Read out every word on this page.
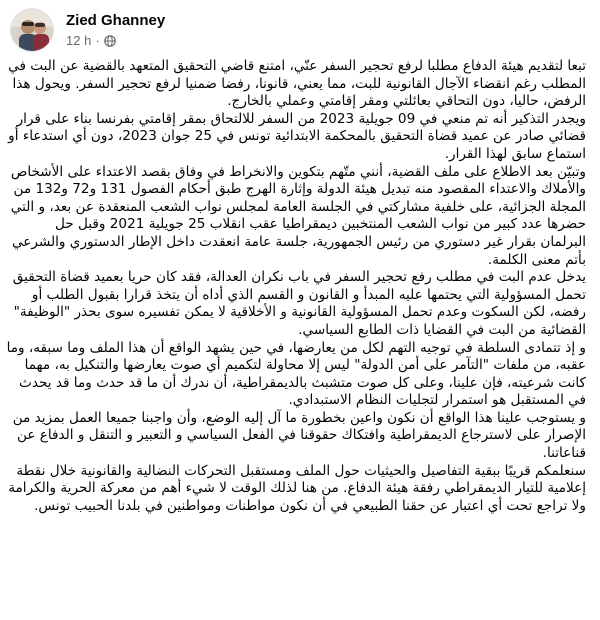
Zied Ghanney
12 h ·

تبعا لتقديم هيئة الدفاع مطلبا لرفع تحجير السفر عنّي، امتنع قاضي التحقيق المتعهد بالقضية عن البت في المطلب رغم انقضاء الآجال القانونية للبت، مما يعني، قانونا، رفضا ضمنيا لرفع تحجير السفر. ويحول هذا الرفض، حاليا، دون التحاقي بعائلتي ومقر إقامتي وعملي بالخارج.

ويجدر التذكير أنه تم منعي في 09 جويلية 2023 من السفر للالتحاق بمقر إقامتي بفرنسا بناء على قرار قضائي صادر عن عميد قضاة التحقيق بالمحكمة الابتدائية تونس في 25 جوان 2023، دون أي استدعاء أو استماع سابق لهذا القرار.

وتبيّن بعد الاطلاع على ملف القضية، أنني متّهم بتكوين والانخراط في وفاق بقصد الاعتداء على الأشخاص والأملاك والاعتداء المقصود منه تبديل هيئة الدولة وإثارة الهرج طبق أحكام الفصول 131 و72 و132 من المجلة الجزائية، على خلفية مشاركتي في الجلسة العامة لمجلس نواب الشعب المنعقدة عن بعد، و التي حضرها عدد كبير من نواب الشعب المنتخبين ديمقراطيا عقب انقلاب 25 جويلية 2021 وقبل حل البرلمان بقرار غير دستوري من رئيس الجمهورية، جلسة عامة انعقدت داخل الإطار الدستوري والشرعي بأتم معنى الكلمة.

يدخل عدم البت في مطلب رفع تحجير السفر في باب نكران العدالة، فقد كان حريا بعميد قضاة التحقيق تحمل المسؤولية التي يحتمها عليه المبدأ و القانون و القسم الذي أداه أن يتخذ قرارا بقبول الطلب أو رفضه، لكن السكوت وعدم تحمل المسؤولية القانونية و الأخلاقية لا يمكن تفسيره سوى بحذر "الوظيفة" القضائية من البت في القضايا ذات الطابع السياسي.

و إذ تتمادى السلطة في توجيه التهم لكل من يعارضها، في حين يشهد الواقع أن هذا الملف وما سبقه، وما عقبه، من ملفات "التآمر على أمن الدولة" ليس إلا محاولة لتكميم أي صوت يعارضها والتنكيل به، مهما كانت شرعيته، فإن علينا، وعلى كل صوت متشبث بالديمقراطية، أن ندرك أن ما قد حدث وما قد يحدث في المستقبل هو استمرار لتجليات النظام الاستبدادي.

و يستوجب علينا هذا الواقع أن نكون واعين بخطورة ما آل إليه الوضع، وأن واجبنا جميعا العمل بمزيد من الإصرار على لاسترجاع الديمقراطية وافتكاك حقوقنا في الفعل السياسي و التعبير و التنقل و الدفاع عن قناعاتنا.

سنعلمكم قريبًا ببقية التفاصيل والحيثيات حول الملف ومستقبل التحركات النضالية والقانونية خلال نقطة إعلامية للتيار الديمقراطي رفقة هيئة الدفاع. من هنا لذلك الوقت لا شيء أهم من معركة الحرية والكرامة ولا تراجع تحت أي اعتبار عن حقنا الطبيعي في أن نكون مواطنات ومواطنين في بلدنا الحبيب تونس.
